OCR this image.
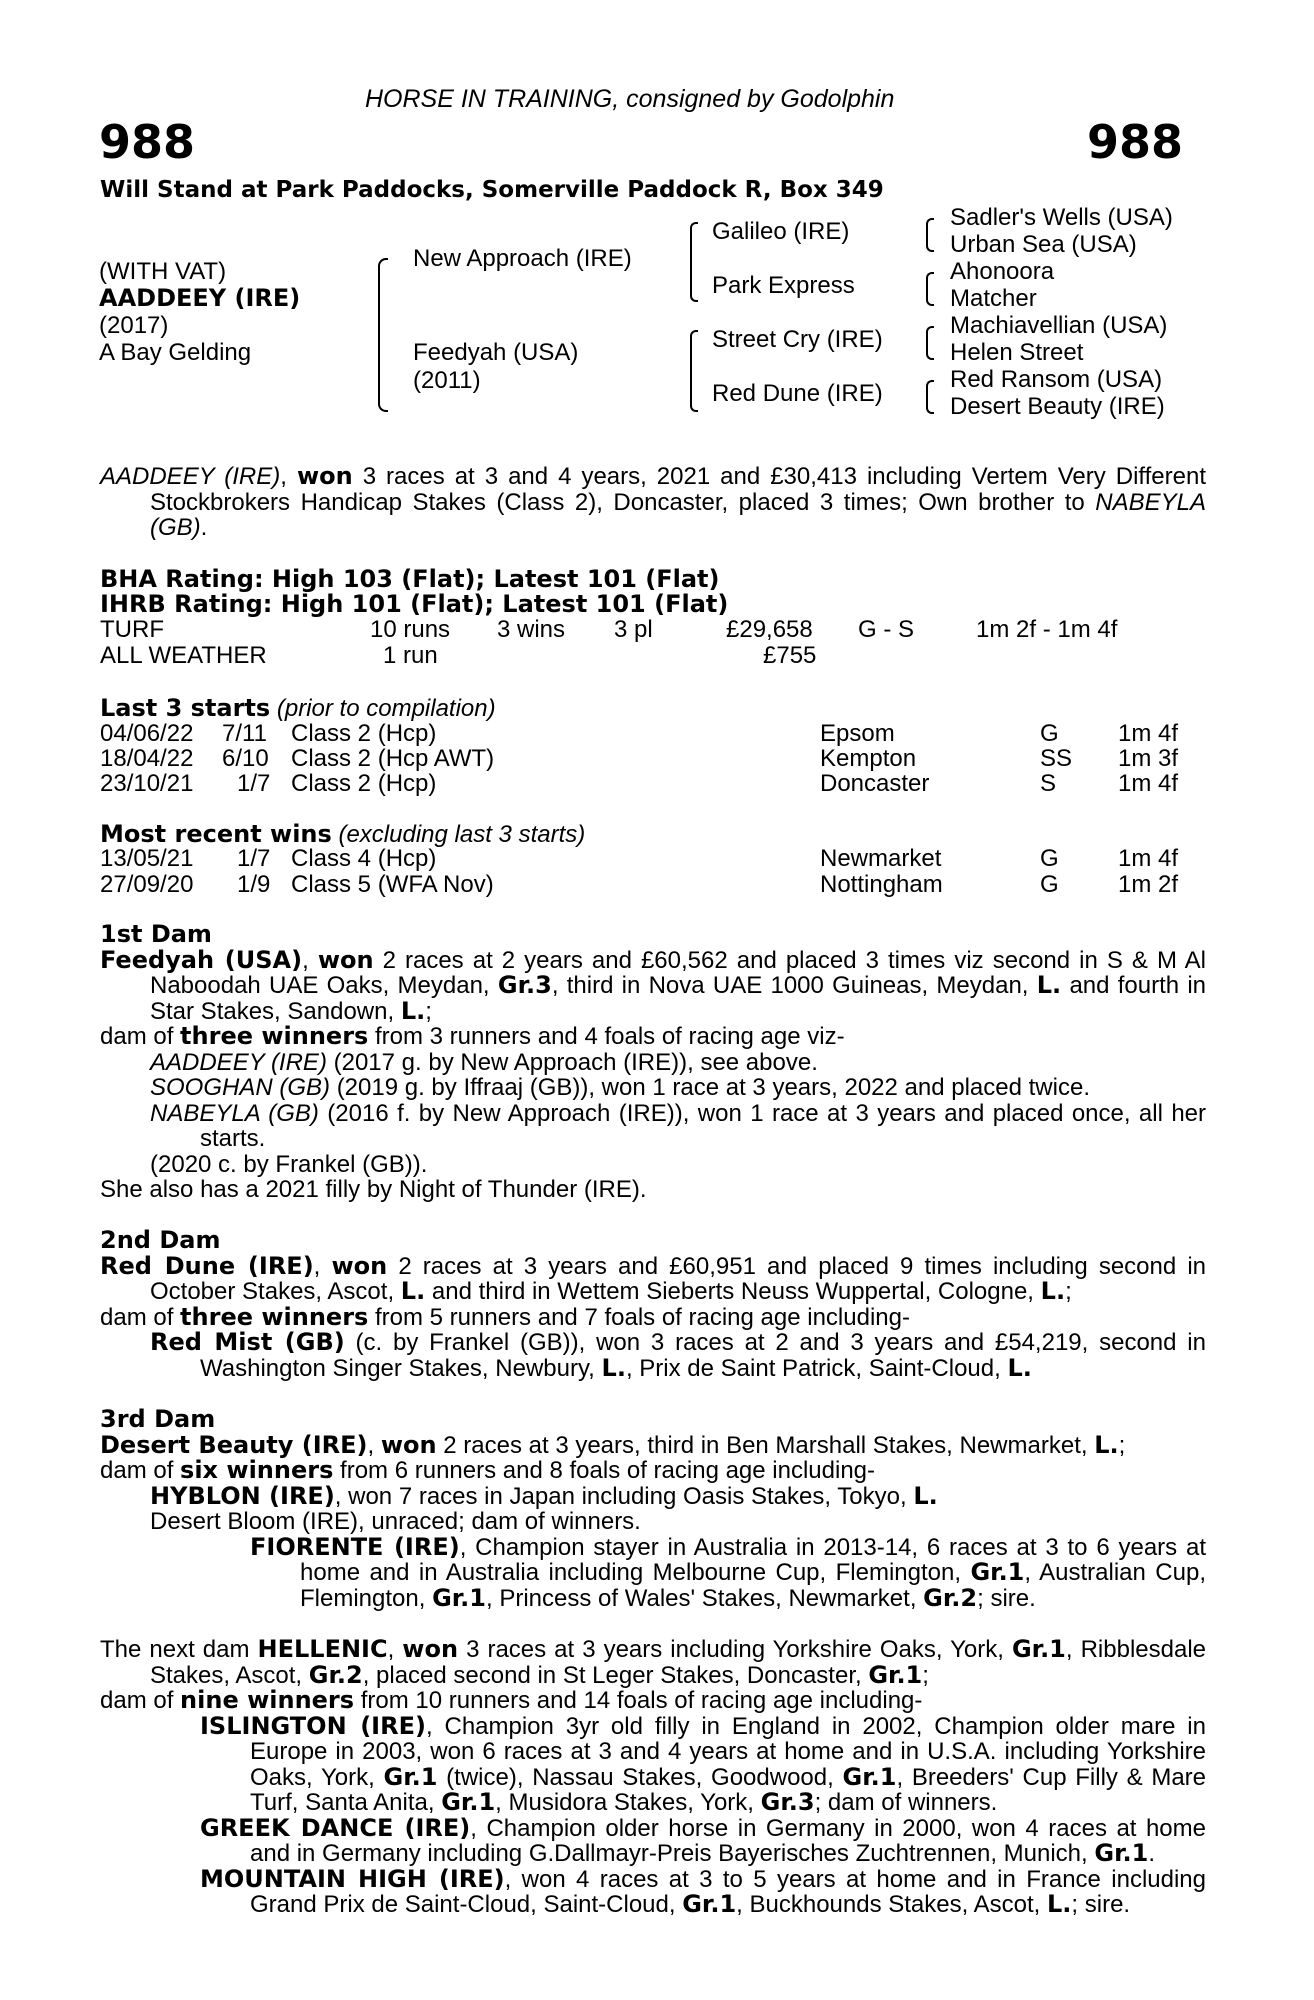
HORSE IN TRAINING, consigned by Godolphin
988	988
Will Stand at Park Paddocks, Somerville Paddock R, Box 349
(WITH VAT)
AADDEEY (IRE)
(2017)
A Bay Gelding
New Approach (IRE)
Feedyah (USA)
(2011)
Galileo (IRE)
Park Express
Street Cry (IRE)
Red Dune (IRE)
Sadler's Wells (USA)
Urban Sea (USA)
Ahonoora
Matcher
Machiavellian (USA)
Helen Street
Red Ransom (USA)
Desert Beauty (IRE)

AADDEEY (IRE), won 3 races at 3 and 4 years, 2021 and £30,413 including Vertem Very Different Stockbrokers Handicap Stakes (Class 2), Doncaster, placed 3 times; Own brother to NABEYLA (GB).

BHA Rating: High 103 (Flat); Latest 101 (Flat)
IHRB Rating: High 101 (Flat); Latest 101 (Flat)
TURF	10 runs 3 wins 3 pl	£29,658 G - S	1m 2f - 1m 4f
ALL WEATHER	1 run	£755
Last 3 starts (prior to compilation)
04/06/22 7/11 Class 2 (Hcp)	Epsom	G 1m 4f
18/04/22 6/10 Class 2 (Hcp AWT)	Kempton	SS 1m 3f
23/10/21 1/7 Class 2 (Hcp)	Doncaster	S	1m 4f
Most recent wins (excluding last 3 starts)
13/05/21 1/7 Class 4 (Hcp)	Newmarket	G 1m 4f
27/09/20 1/9 Class 5 (WFA Nov)	Nottingham	G 1m 2f

1st Dam

Feedyah (USA), won 2 races at 2 years and £60,562 and placed 3 times viz second in S & M Al Naboodah UAE Oaks, Meydan, Gr.3, third in Nova UAE 1000 Guineas, Meydan, L. and fourth in Star Stakes, Sandown, L.;

dam of three winners from 3 runners and 4 foals of racing age viz-

AADDEEY (IRE) (2017 g. by New Approach (IRE)), see above.

SOOGHAN (GB) (2019 g. by Iffraaj (GB)), won 1 race at 3 years, 2022 and placed twice.

NABEYLA (GB) (2016 f. by New Approach (IRE)), won 1 race at 3 years and placed once, all her starts.

(2020 c. by Frankel (GB)).

She also has a 2021 filly by Night of Thunder (IRE).

2nd Dam

Red Dune (IRE), won 2 races at 3 years and £60,951 and placed 9 times including second in October Stakes, Ascot, L. and third in Wettem Sieberts Neuss Wuppertal, Cologne, L.;

dam of three winners from 5 runners and 7 foals of racing age including-

Red Mist (GB) (c. by Frankel (GB)), won 3 races at 2 and 3 years and £54,219, second in Washington Singer Stakes, Newbury, L., Prix de Saint Patrick, Saint-Cloud, L.

3rd Dam

Desert Beauty (IRE), won 2 races at 3 years, third in Ben Marshall Stakes, Newmarket, L.;

dam of six winners from 6 runners and 8 foals of racing age including-

HYBLON (IRE), won 7 races in Japan including Oasis Stakes, Tokyo, L.

Desert Bloom (IRE), unraced; dam of winners.

FIORENTE (IRE), Champion stayer in Australia in 2013-14, 6 races at 3 to 6 years at home and in Australia including Melbourne Cup, Flemington, Gr.1, Australian Cup, Flemington, Gr.1, Princess of Wales' Stakes, Newmarket, Gr.2; sire.

The next dam HELLENIC, won 3 races at 3 years including Yorkshire Oaks, York, Gr.1, Ribblesdale Stakes, Ascot, Gr.2, placed second in St Leger Stakes, Doncaster, Gr.1;

dam of nine winners from 10 runners and 14 foals of racing age including-

ISLINGTON (IRE), Champion 3yr old filly in England in 2002, Champion older mare in Europe in 2003, won 6 races at 3 and 4 years at home and in U.S.A. including Yorkshire Oaks, York, Gr.1 (twice), Nassau Stakes, Goodwood, Gr.1, Breeders' Cup Filly & Mare Turf, Santa Anita, Gr.1, Musidora Stakes, York, Gr.3; dam of winners.

GREEK DANCE (IRE), Champion older horse in Germany in 2000, won 4 races at home and in Germany including G.Dallmayr-Preis Bayerisches Zuchtrennen, Munich, Gr.1.

MOUNTAIN HIGH (IRE), won 4 races at 3 to 5 years at home and in France including Grand Prix de Saint-Cloud, Saint-Cloud, Gr.1, Buckhounds Stakes, Ascot, L.; sire.
